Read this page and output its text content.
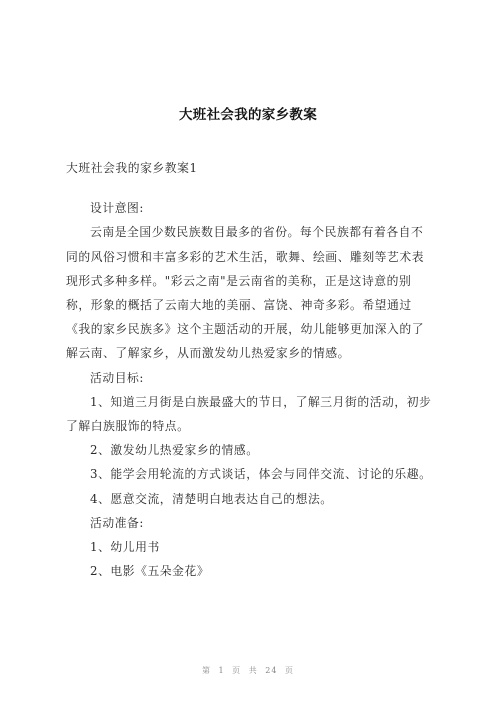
大班社会我的家乡教案

大班社会我的家乡教案1

设计意图:

云南是全国少数民族数目最多的省份。每个民族都有着各自不同的风俗习惯和丰富多彩的艺术生活，歌舞、绘画、雕刻等艺术表现形式多种多样。"彩云之南"是云南省的美称，正是这诗意的别称，形象的概括了云南大地的美丽、富饶、神奇多彩。希望通过《我的家乡民族多》这个主题活动的开展，幼儿能够更加深入的了解云南、了解家乡，从而激发幼儿热爱家乡的情感。

活动目标:

1、知道三月街是白族最盛大的节日，了解三月街的活动，初步了解白族服饰的特点。

2、激发幼儿热爱家乡的情感。

3、能学会用轮流的方式谈话，体会与同伴交流、讨论的乐趣。

4、愿意交流，清楚明白地表达自己的想法。

活动准备:

1、幼儿用书

2、电影《五朵金花》

第 1 页 共 24 页
